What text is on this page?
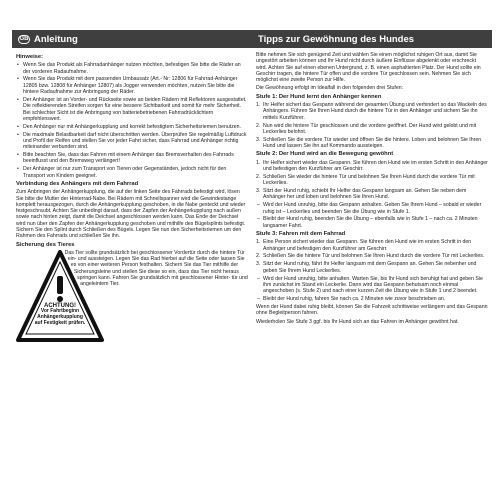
GB Anleitung
Hinweise:
• Wenn Sie das Produkt als Fahrradanhänger nutzen möchten, befestigen Sie bitte die Räder an der vorderen Radaufnahme.
• Wenn Sie das Produkt mit dem passenden Umbausatz (Art.- Nr: 12806 für Fahrrad-Anhänger 12805 bzw. 12808 für Anhänger 12807) als Jogger verwenden möchten, nutzen Sie bitte die hintere Radaufnahme zur Anbringung der Räder.
• Der Anhänger ist an Vorder- und Rückseite sowie an beiden Rädern mit Reflektoren ausgestattet. Die reflektierenden Streifen sorgen für eine bessere Sichtbarkeit und somit für mehr Sicherheit. Bei schlechter Sicht ist die Anbringung von batteriebetriebenen Fahrradrücklichtern empfehlenswert.
• Den Anhänger nur mit Anhängerkupplung und korrekt befestigtem Sicherheitsriemen benutzen.
• Die maximale Belastbarkeit darf nicht überschritten werden. Überprüfen Sie regelmäßig Luftdruck und Profil der Reifen und stellen Sie vor jeder Fahrt sicher, dass Fahrrad und Anhänger richtig miteinander verbunden sind.
• Bitte beachten Sie, dass das Fahren mit einem Anhänger das Bremsverhalten des Fahrrads beeinflusst und den Bremsweg verlängert!
• Der Anhänger ist nur zum Transport von Tieren oder Gegenständen, jedoch nicht für den Transport von Kindern geeignet.
Verbindung des Anhängers mit dem Fahrrad

Zum Anbringen der Anhängerkupplung, die auf der linken Seite des Fahrrads befestigt wird, lösen Sie bitte die Mutter der Hinterrad-Nabe. Bei Rädern mit Schnellspanner wird die Gewindestange komplett herausgezogen, durch die Anhängerkupplung geschoben, in die Nabe gesteckt und wieder festgeschraubt. Achten Sie unbedingt darauf, dass der Zapfen der Anhängerkupplung nach außen sowie nach hinten zeigt, damit die Deichsel angeschlossen werden kann. Das Ende der Deichsel wird nun über den Zapfen der Anhängerkupplung geschoben und mithilfe des Bügelsplints befestigt. Sichern Sie den Splint durch Schließen des Bügels. Legen Sie nun den Sicherheitsriemen um den Rahmen des Fahrrads und schließen Sie ihn.

Sicherung des Tieres
ACHTUNG!
Vor Fahrtbeginn Anhängerkupplung auf Festigkeit prüfen.

Das Tier sollte grundsätzlich bei geschlossener Vordertür durch die hintere Tür ein- und aussteigen. Legen Sie das Rad hierbei auf die Seite oder lassen Sie es von einer weiteren Person festhalten. Sichern Sie das Tier mithilfe der Sicherungsleine und stellen Sie diese so ein, dass das Tier nicht heraus springen kann. Fahren Sie grundsätzlich mit geschlossener Hinter- tür und angeleintem Tier.

Tipps zur Gewöhnung des Hundes

Bitte nehmen Sie sich genügend Zeit und wählen Sie einen möglichst ruhigen Ort aus, damit Sie ungestört arbeiten können und Ihr Hund nicht durch äußere Einflüsse abgelenkt oder erschreckt wird. Achten Sie auf einen ebenen Untergrund, z. B. einen asphaltierten Platz. Der Hund sollte ein Geschirr tragen, die hintere Tür offen und die vordere Tür geschlossen sein. Nehmen Sie sich möglichst eine zweite Person zur Hilfe.

Die Gewöhnung erfolgt im Idealfall in den folgenden drei Stufen:

Stufe 1: Der Hund lernt den Anhänger kennen
1. Ihr Helfer sichert das Gespann während der gesamten Übung und verhindert so das Wackeln des Anhängers. Führen Sie Ihren Hund durch die hintere Tür in den Anhänger und sichern Sie ihn mittels Kurzführer.
2. Nun wird die hintere Tür geschlossen und die vordere geöffnet. Der Hund wird gelobt und mit Leckerlies belohnt.
3. Schließen Sie die vordere Tür wieder und öffnen Sie die hintere. Loben und belohnen Sie Ihren Hund und lassen Sie ihn auf Kommando aussteigen.
Stufe 2: Der Hund wird an die Bewegung gewöhnt
1. Ihr Helfer sichert wieder das Gespann. Sie führen den Hund wie im ersten Schritt in den Anhänger und befestigen den Kurzführer am Geschirr.
2. Schließen Sie wieder die hintere Tür und belohnen Sie Ihren Hund durch die vordere Tür mit Leckerlies.
3. Sitzt der Hund ruhig, schiebt Ihr Helfer das Gespann langsam an. Gehen Sie neben dem Anhänger her und loben und belohnen Sie Ihren Hund.
– Wird der Hund unruhig, bitte das Gespann anhalten. Geben Sie Ihrem Hund – sobald er wieder ruhig ist – Leckerlies und beenden Sie die Übung wie in Stufe 1.
– Bleibt der Hund ruhig, beenden Sie die Übung – ebenfalls wie in Stufe 1 – nach ca. 2 Minuten langsamer Fahrt.
Stufe 3: Fahren mit dem Fahrrad
1. Eine Person sichert wieder das Gespann. Sie führen den Hund wie im ersten Schritt in den Anhänger und befestigen den Kurzführer am Geschirr.
2. Schließen Sie die hintere Tür und belohnen Sie Ihren Hund durch die vordere Tür mit Leckerlies.
3. Sitzt der Hund ruhig, fährt Ihr Helfer langsam mit dem Gespann an. Gehen Sie nebenher und geben Sie Ihrem Hund Leckerlies.
– Wird der Hund unruhig, bitte anhalten. Warten Sie, bis Ihr Hund sich beruhigt hat und geben Sie ihm zunächst im Stand ein Leckerlie. Dann wird das Gespann behutsam noch einmal angeschoben (s. Stufe 2) und nach einer kurzen Zeit die Übung wie in Stufe 1 und 2 beendet.
– Bleibt der Hund ruhig, fahren Sie nach ca. 2 Minuten wie zuvor beschrieben an.

Wenn der Hund dabei ruhig bleibt, können Sie die Fahrzeit schrittweise verlängern und das Gespann ohne Begleitperson fahren.

Wiederholen Sie Stufe 3 ggf. bis Ihr Hund sich an das Fahren im Anhänger gewöhnt hat.
